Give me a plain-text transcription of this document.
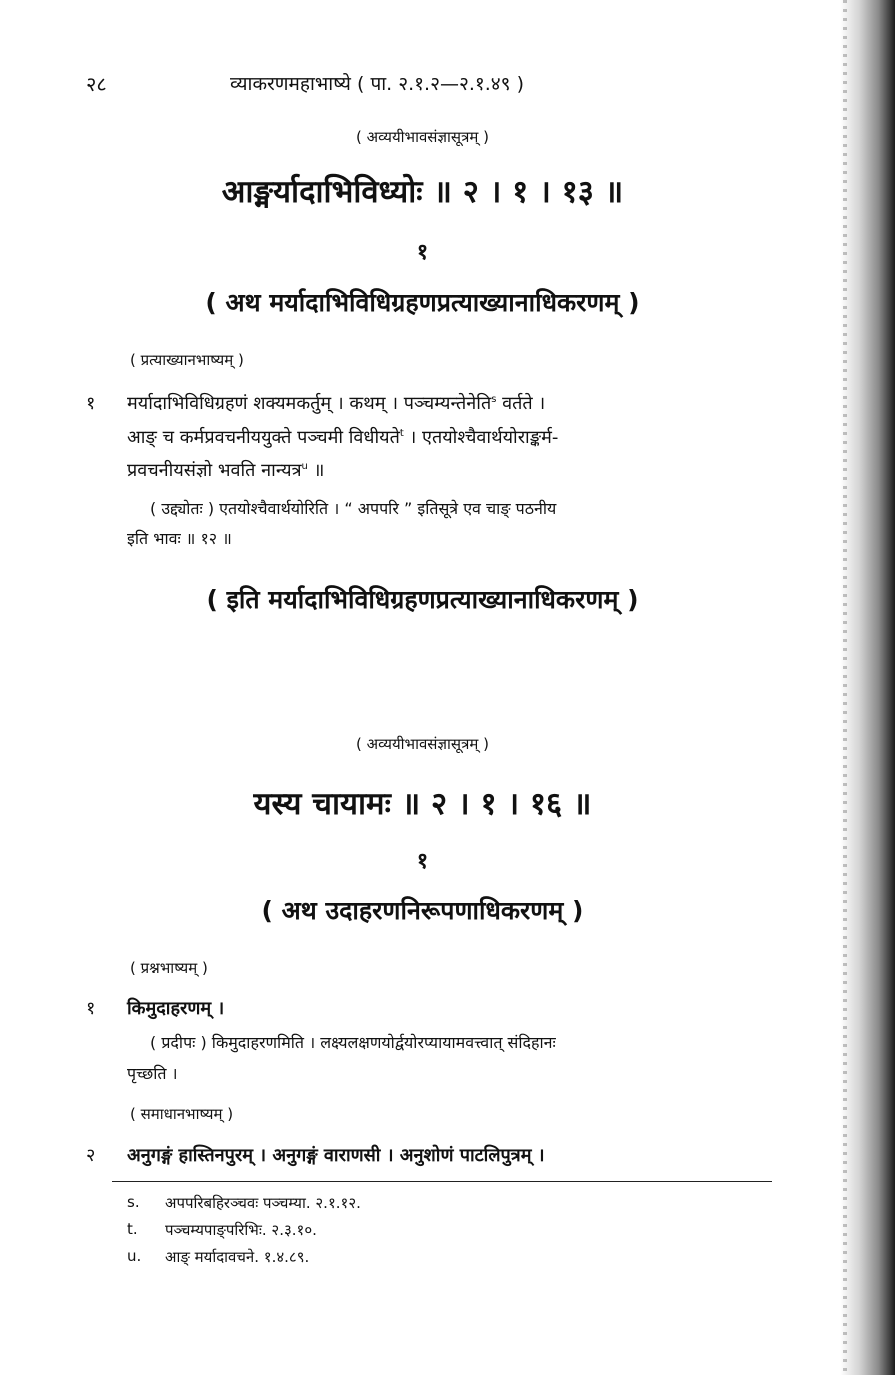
२८	व्याकरणमहाभाष्ये ( पा. २.१.२—२.१.४९ )
( अव्ययीभावसंज्ञासूत्रम् )
आङ्मर्यादाभिविध्योः ॥ २ । १ । १३ ॥
१
( अथ मर्यादाभिविधिग्रहणप्रत्याख्यानाधिकरणम् )
( प्रत्याख्यानभाष्यम् )
१ मर्यादाभिविधिग्रहणं शक्यमकर्तुम् । कथम् । पञ्चम्यन्तेनेति$^s$ वर्तते ।
आङ् च कर्मप्रवचनीययुक्ते पञ्चमी विधीयते$^t$ । एतयोश्चैवार्थयोराङ्कर्म-
प्रवचनीयसंज्ञो भवति नान्यत्र$^u$ ॥
( उद्द्योतः ) एतयोश्चैवार्थयोरिति । “ अपपरि ” इतिसूत्रे एव चाङ् पठनीय
इति भावः ॥ १२ ॥
( इति मर्यादाभिविधिग्रहणप्रत्याख्यानाधिकरणम् )
( अव्ययीभावसंज्ञासूत्रम् )
यस्य चायामः ॥ २ । १ । १६ ॥
१
( अथ उदाहरणनिरूपणाधिकरणम् )
( प्रश्नभाष्यम् )
१ किमुदाहरणम् ।
( प्रदीपः ) किमुदाहरणमिति । लक्ष्यलक्षणयोर्द्वयोरप्यायामवत्त्वात् संदिहानः
पृच्छति ।
( समाधानभाष्यम् )
२ अनुगङ्गं हास्तिनपुरम् । अनुगङ्गं वाराणसी । अनुशोणं पाटलिपुत्रम् ।
s. अपपरिबहिरञ्चवः पञ्चम्या. २.१.१२.
t. पञ्चम्यपाङ्परिभिः. २.३.१०.
u. आङ् मर्यादावचने. १.४.८९.
